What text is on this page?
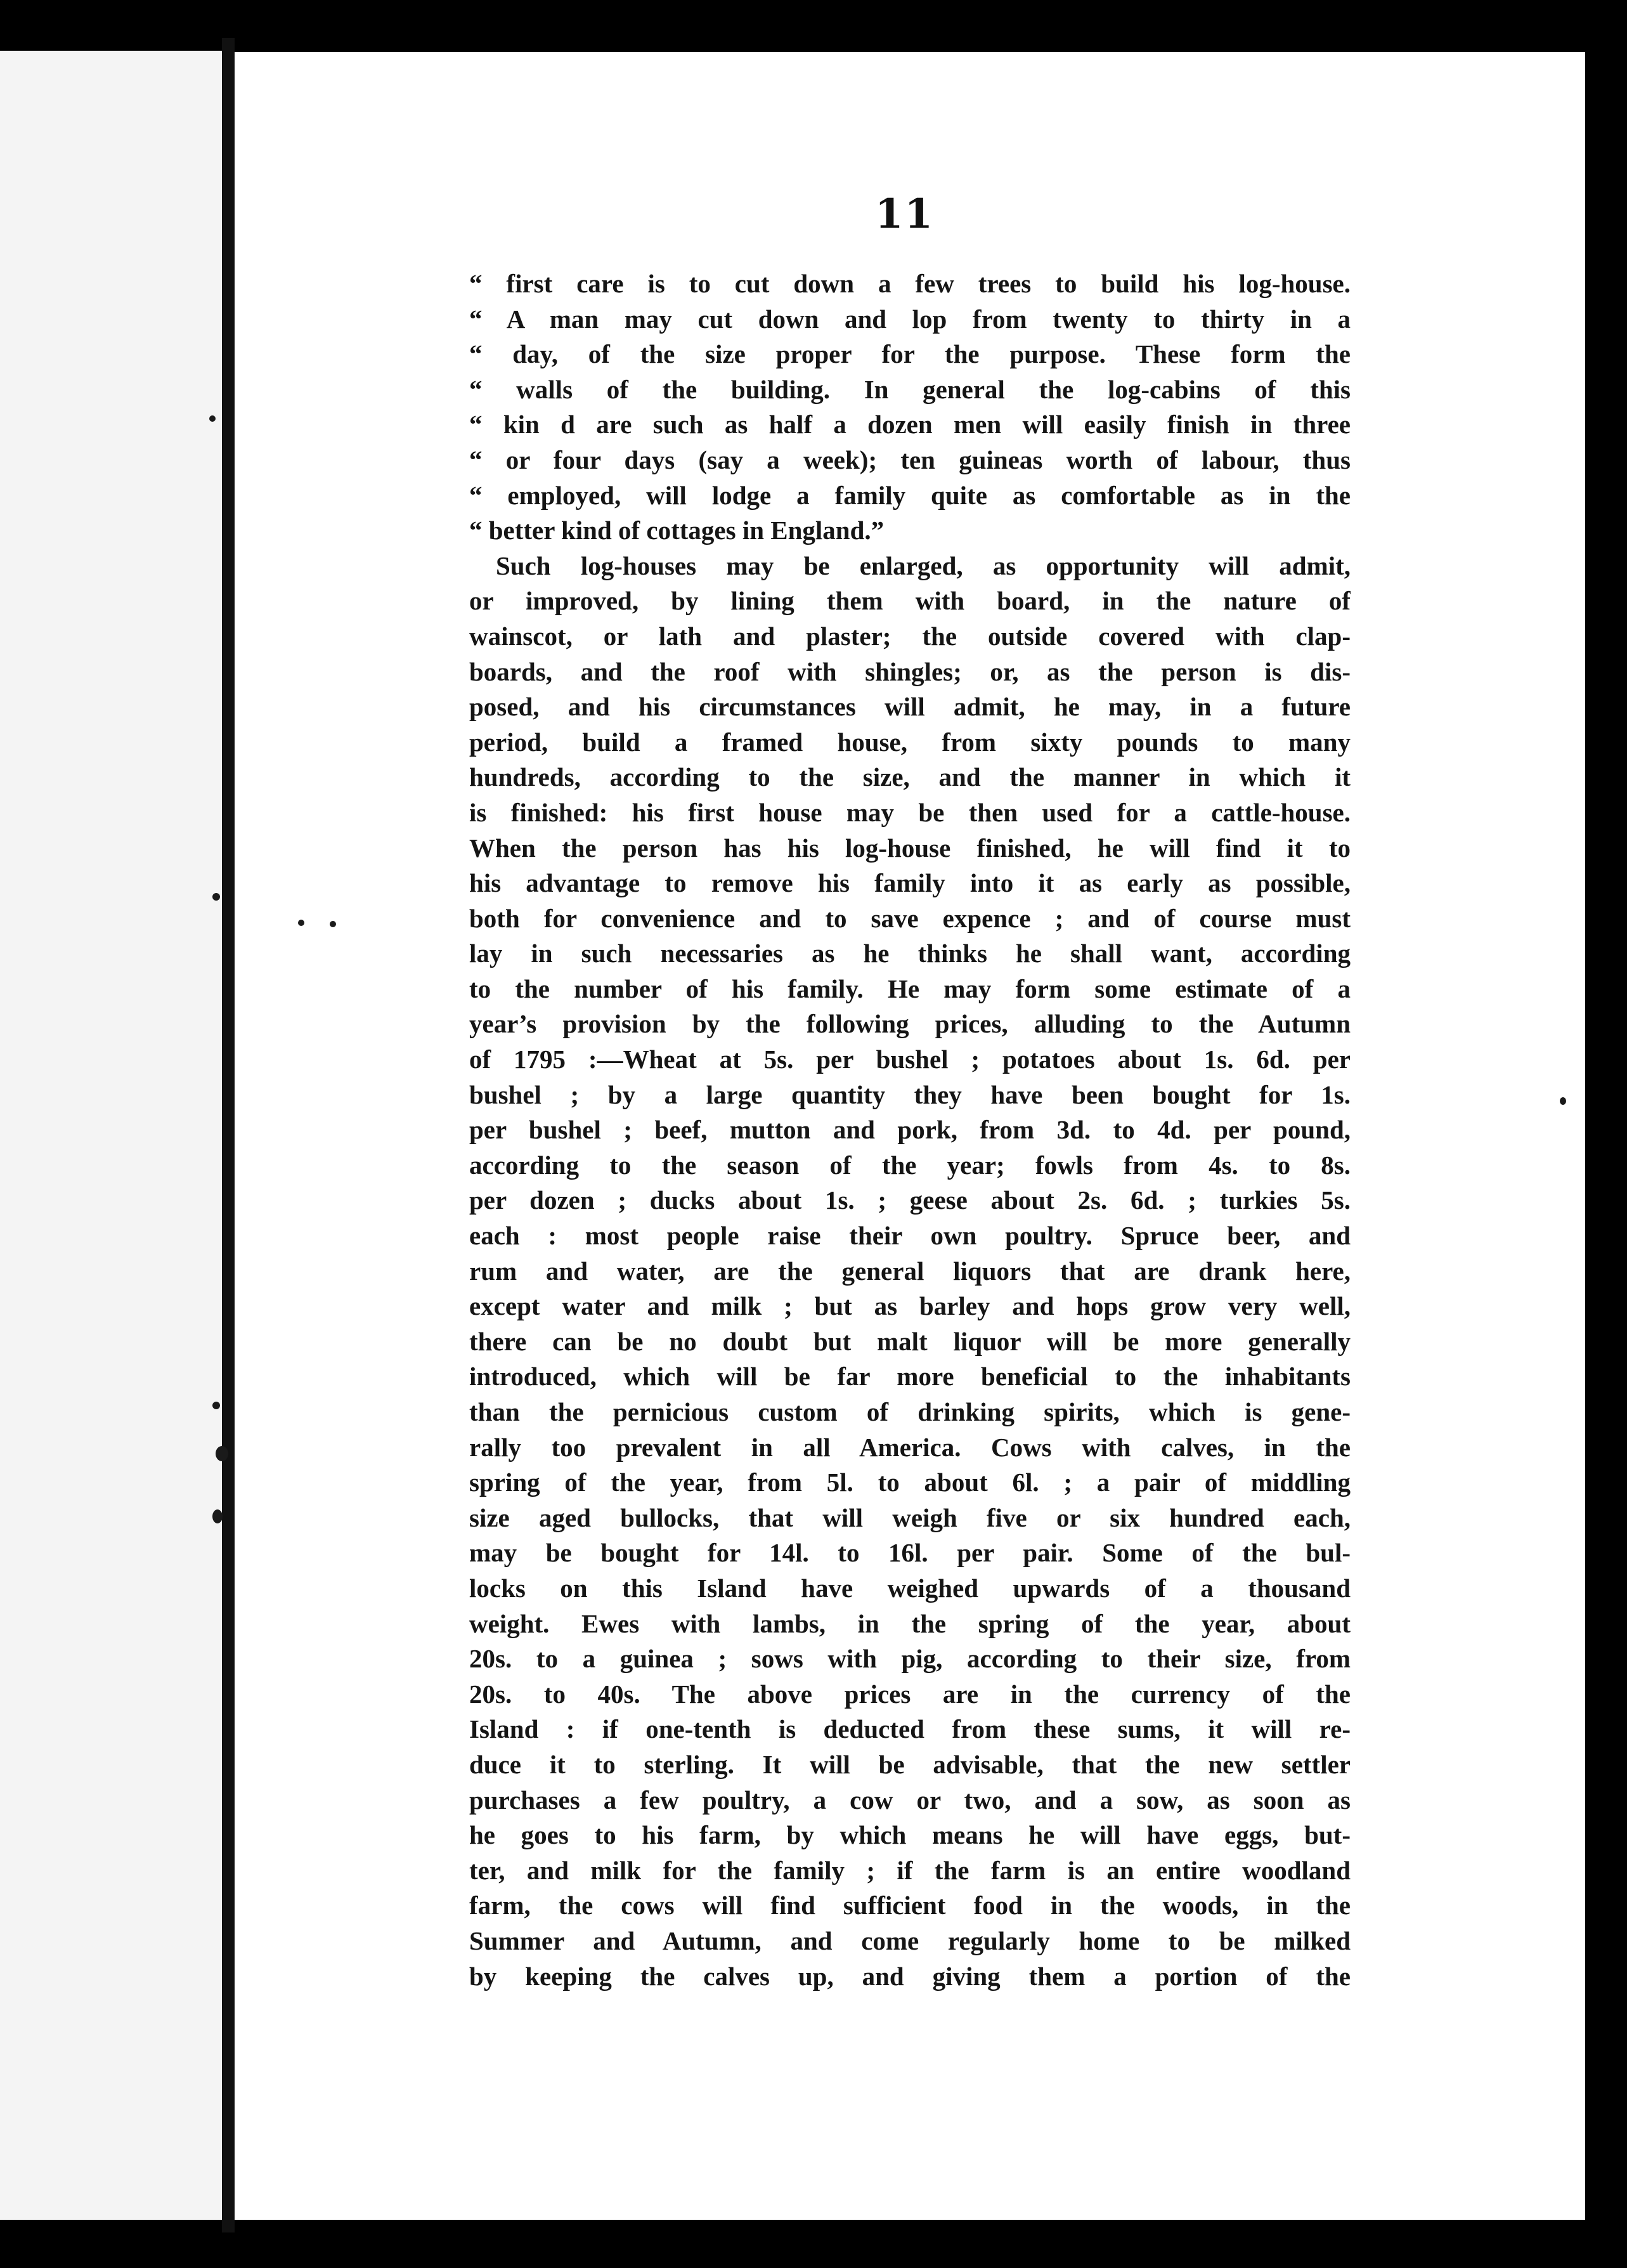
11
“ first care is to cut down a few trees to build his log-house.
“ A man may cut down and lop from twenty to thirty in a
“ day, of the size proper for the purpose. These form the
“ walls of the building. In general the log-cabins of this
“ kin d are such as half a dozen men will easily finish in three
“ or four days (say a week); ten guineas worth of labour, thus
“ employed, will lodge a family quite as comfortable as in the
“ better kind of cottages in England.”
Such log-houses may be enlarged, as opportunity will admit,
or improved, by lining them with board, in the nature of
wainscot, or lath and plaster; the outside covered with clap-
boards, and the roof with shingles; or, as the person is dis-
posed, and his circumstances will admit, he may, in a future
period, build a framed house, from sixty pounds to many
hundreds, according to the size, and the manner in which it
is finished: his first house may be then used for a cattle-house.
When the person has his log-house finished, he will find it to
his advantage to remove his family into it as early as possible,
both for convenience and to save expence ; and of course must
lay in such necessaries as he thinks he shall want, according
to the number of his family. He may form some estimate of a
year’s provision by the following prices, alluding to the Autumn
of 1795 :—Wheat at 5s. per bushel ; potatoes about 1s. 6d. per
bushel ; by a large quantity they have been bought for 1s.
per bushel ; beef, mutton and pork, from 3d. to 4d. per pound,
according to the season of the year; fowls from 4s. to 8s.
per dozen ; ducks about 1s. ; geese about 2s. 6d. ; turkies 5s.
each : most people raise their own poultry. Spruce beer, and
rum and water, are the general liquors that are drank here,
except water and milk ; but as barley and hops grow very well,
there can be no doubt but malt liquor will be more generally
introduced, which will be far more beneficial to the inhabitants
than the pernicious custom of drinking spirits, which is gene-
rally too prevalent in all America. Cows with calves, in the
spring of the year, from 5l. to about 6l. ; a pair of middling
size aged bullocks, that will weigh five or six hundred each,
may be bought for 14l. to 16l. per pair. Some of the bul-
locks on this Island have weighed upwards of a thousand
weight. Ewes with lambs, in the spring of the year, about
20s. to a guinea ; sows with pig, according to their size, from
20s. to 40s. The above prices are in the currency of the
Island : if one-tenth is deducted from these sums, it will re-
duce it to sterling. It will be advisable, that the new settler
purchases a few poultry, a cow or two, and a sow, as soon as
he goes to his farm, by which means he will have eggs, but-
ter, and milk for the family ; if the farm is an entire woodland
farm, the cows will find sufficient food in the woods, in the
Summer and Autumn, and come regularly home to be milked
by keeping the calves up, and giving them a portion of the
